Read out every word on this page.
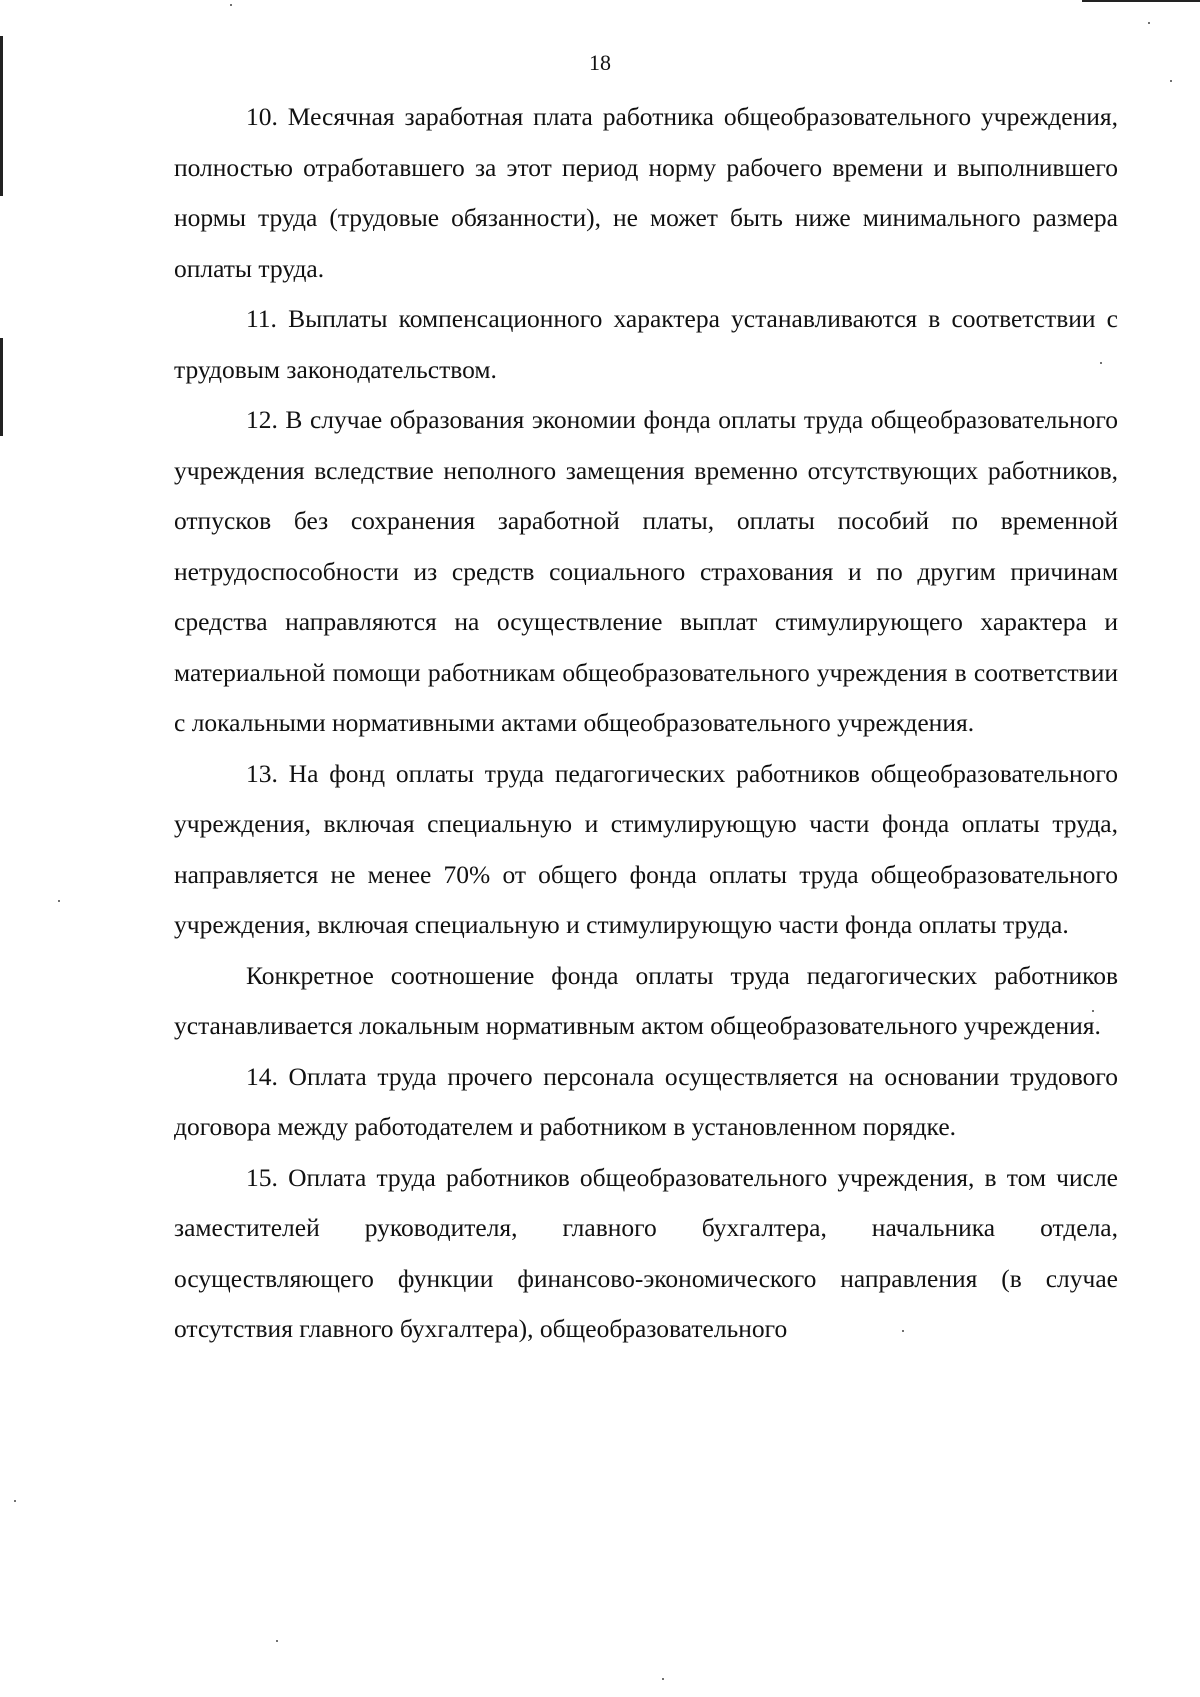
18

10. Месячная заработная плата работника общеобразовательного учреждения, полностью отработавшего за этот период норму рабочего времени и выполнившего нормы труда (трудовые обязанности), не может быть ниже минимального размера оплаты труда.

11. Выплаты компенсационного характера устанавливаются в соответствии с трудовым законодательством.

12. В случае образования экономии фонда оплаты труда общеобразовательного учреждения вследствие неполного замещения временно отсутствующих работников, отпусков без сохранения заработной платы, оплаты пособий по временной нетрудоспособности из средств социального страхования и по другим причинам средства направляются на осуществление выплат стимулирующего характера и материальной помощи работникам общеобразовательного учреждения в соответствии с локальными нормативными актами общеобразовательного учреждения.

13. На фонд оплаты труда педагогических работников общеобразовательного учреждения, включая специальную и стимулирующую части фонда оплаты труда, направляется не менее 70% от общего фонда оплаты труда общеобразовательного учреждения, включая специальную и стимулирующую части фонда оплаты труда.

Конкретное соотношение фонда оплаты труда педагогических работников устанавливается локальным нормативным актом общеобразовательного учреждения.

14. Оплата труда прочего персонала осуществляется на основании трудового договора между работодателем и работником в установленном порядке.

15. Оплата труда работников общеобразовательного учреждения, в том числе заместителей руководителя, главного бухгалтера, начальника отдела, осуществляющего функции финансово-экономического направления (в случае отсутствия главного бухгалтера), общеобразовательного
